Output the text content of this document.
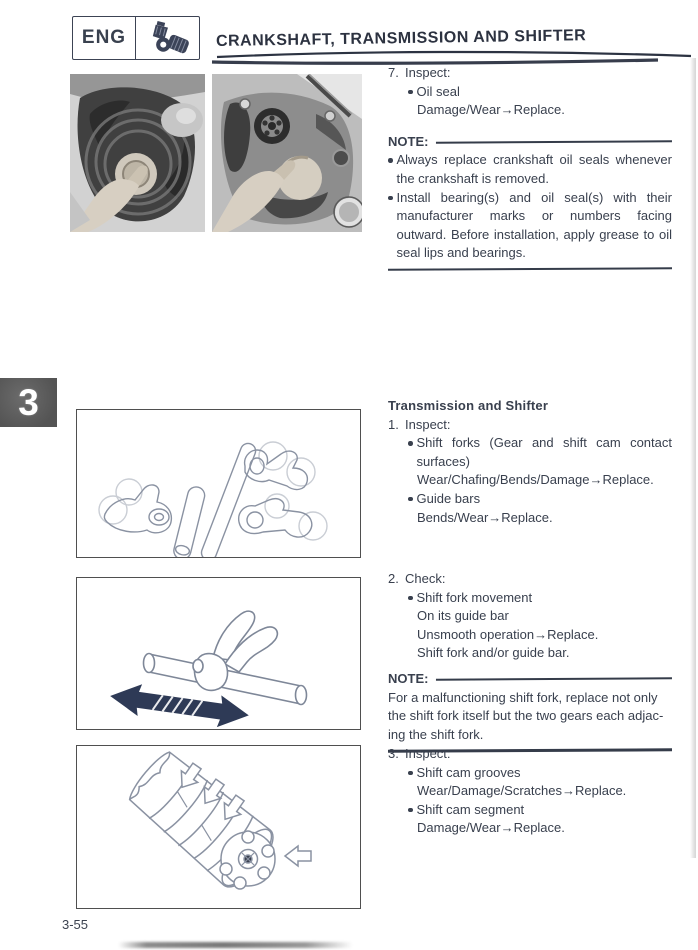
ENG	CRANKSHAFT, TRANSMISSION AND SHIFTER
7. Inspect:
Oil seal
Damage/Wear→Replace.
NOTE:
Always replace crankshaft oil seals whenever the crankshaft is removed.
Install bearing(s) and oil seal(s) with their manufacturer marks or numbers facing outward. Before installation, apply grease to oil seal lips and bearings.
3	Transmission and Shifter
1. Inspect:
Shift forks (Gear and shift cam contact surfaces)
Wear/Chafing/Bends/Damage→Replace.
Guide bars
Bends/Wear→Replace.
2. Check:
Shift fork movement
On its guide bar
Unsmooth operation→Replace.
Shift fork and/or guide bar.
NOTE:
For a malfunctioning shift fork, replace not only
the shift fork itself but the two gears each adjac-
ing the shift fork.
3. Inspect:
Shift cam grooves
Wear/Damage/Scratches→Replace.
Shift cam segment
Damage/Wear→Replace.
3-55
